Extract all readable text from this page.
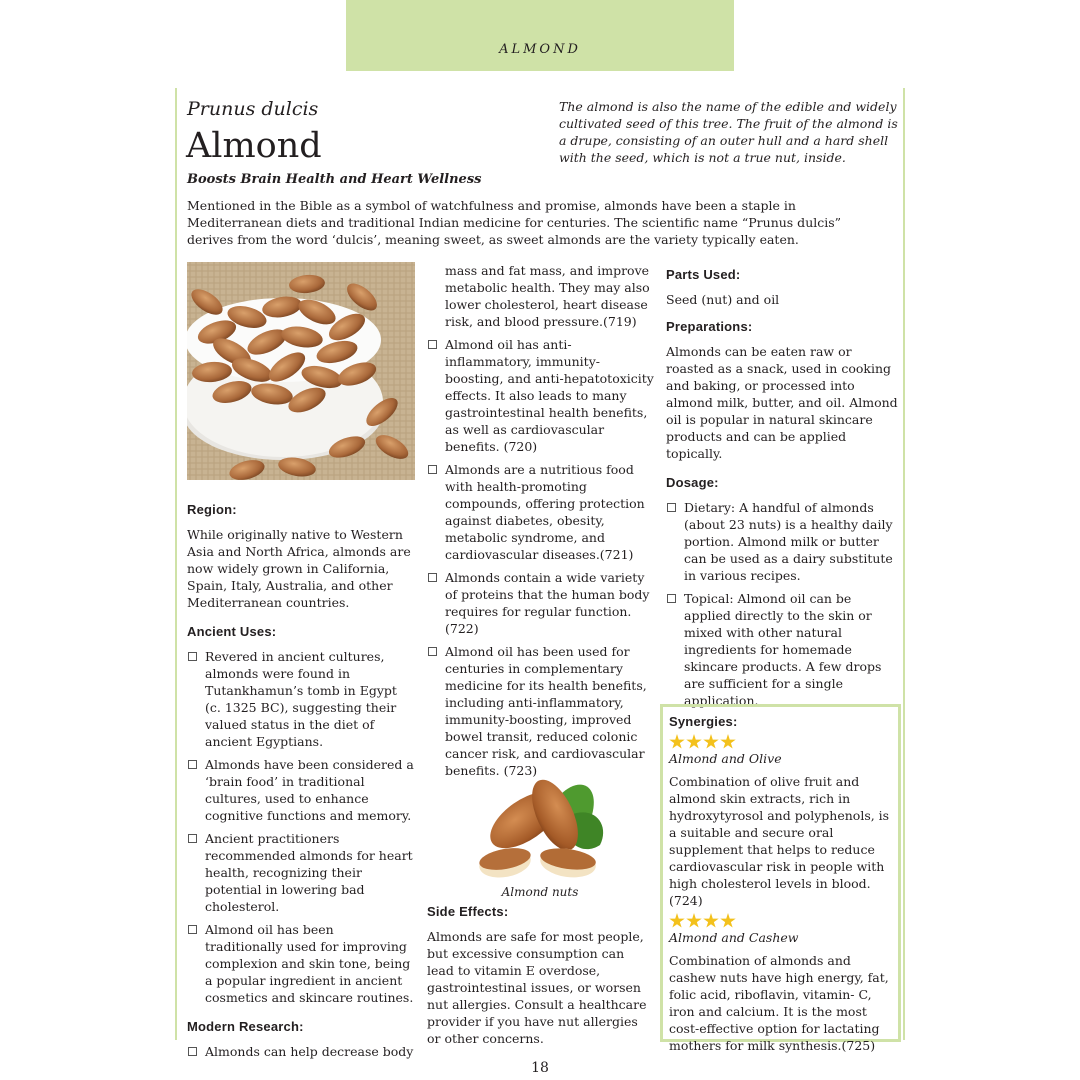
ALMOND
Prunus dulcis
Almond
Boosts Brain Health and Heart Wellness

The almond is also the name of the edible and widely cultivated seed of this tree. The fruit of the almond is a drupe, consisting of an outer hull and a hard shell with the seed, which is not a true nut, inside.

Mentioned in the Bible as a symbol of watchfulness and promise, almonds have been a staple in Mediterranean diets and traditional Indian medicine for centuries. The scientific name “Prunus dulcis” derives from the word ‘dulcis’, meaning sweet, as sweet almonds are the variety typically eaten.

Region:

While originally native to Western Asia and North Africa, almonds are now widely grown in California, Spain, Italy, Australia, and other Mediterranean countries.

Ancient Uses:
Revered in ancient cultures, almonds were found in Tutankhamun’s tomb in Egypt (c. 1325 BC), suggesting their valued status in the diet of ancient Egyptians.
Almonds have been considered a ‘brain food’ in traditional cultures, used to enhance cognitive functions and memory.
Ancient practitioners recommended almonds for heart health, recognizing their potential in lowering bad cholesterol.
Almond oil has been traditionally used for improving complexion and skin tone, being a popular ingredient in ancient cosmetics and skincare routines.
Modern Research:
Almonds can help decrease body

mass and fat mass, and improve metabolic health. They may also lower cholesterol, heart disease risk, and blood pressure.(719)

Almond oil has anti-inflammatory, immunity-boosting, and anti-hepatotoxicity effects. It also leads to many gastrointestinal health benefits, as well as cardiovascular benefits. (720)
Almonds are a nutritious food with health-promoting compounds, offering protection against diabetes, obesity, metabolic syndrome, and cardiovascular diseases.(721)
Almonds contain a wide variety of proteins that the human body requires for regular function. (722)
Almond oil has been used for centuries in complementary medicine for its health benefits, including anti-inflammatory, immunity-boosting, improved bowel transit, reduced colonic cancer risk, and cardiovascular benefits. (723)
Almond nuts
Side Effects:

Almonds are safe for most people, but excessive consumption can lead to vitamin E overdose, gastrointestinal issues, or worsen nut allergies. Consult a healthcare provider if you have nut allergies or other concerns.

Parts Used:

Seed (nut) and oil

Preparations:

Almonds can be eaten raw or roasted as a snack, used in cooking and baking, or processed into almond milk, butter, and oil. Almond oil is popular in natural skincare products and can be applied topically.

Dosage:
Dietary: A handful of almonds (about 23 nuts) is a healthy daily portion. Almond milk or butter can be used as a dairy substitute in various recipes.
Topical: Almond oil can be applied directly to the skin or mixed with other natural ingredients for homemade skincare products. A few drops are sufficient for a single application.
Synergies:
Almond and Olive

Combination of olive fruit and almond skin extracts, rich in hydroxytyrosol and polyphenols, is a suitable and secure oral supplement that helps to reduce cardiovascular risk in people with high cholesterol levels in blood.(724)

Almond and Cashew

Combination of almonds and cashew nuts have high energy, fat, folic acid, riboflavin, vitamin- C, iron and calcium. It is the most cost-effective option for lactating mothers for milk synthesis.(725)

18
